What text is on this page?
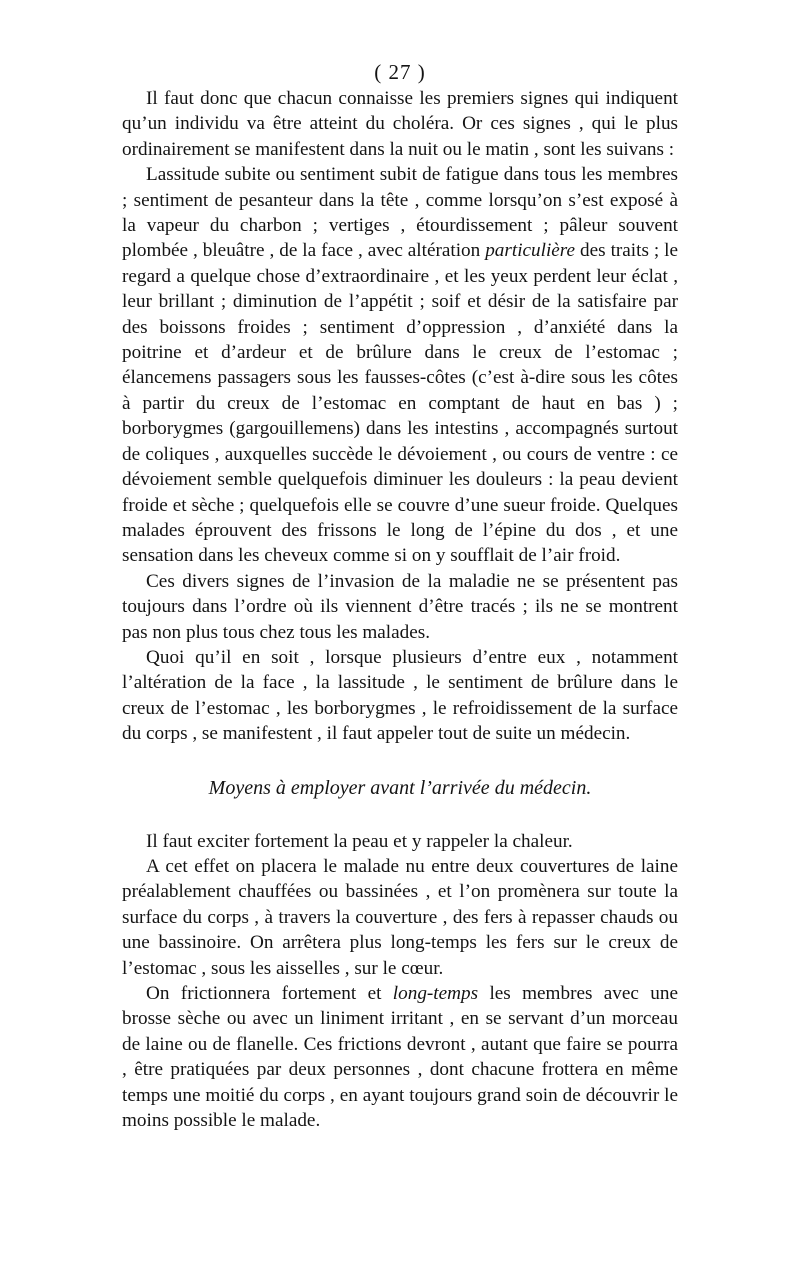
( 27 )

Il faut donc que chacun connaisse les premiers signes qui indiquent qu’un individu va être atteint du choléra. Or ces signes , qui le plus ordinairement se manifestent dans la nuit ou le matin , sont les suivans :

Lassitude subite ou sentiment subit de fatigue dans tous les membres ; sentiment de pesanteur dans la tête , comme lorsqu’on s’est exposé à la vapeur du charbon ; vertiges , étourdissement ; pâleur souvent plombée , bleuâtre , de la face , avec altération particulière des traits ; le regard a quelque chose d’extraordinaire , et les yeux perdent leur éclat , leur brillant ; diminution de l’appétit ; soif et désir de la satisfaire par des boissons froides ; sentiment d’oppression , d’anxiété dans la poitrine et d’ardeur et de brûlure dans le creux de l’estomac ; élancemens passagers sous les fausses-côtes (c’est à-dire sous les côtes à partir du creux de l’estomac en comptant de haut en bas ) ; borborygmes (gargouillemens) dans les intestins , accompagnés surtout de coliques , auxquelles succède le dévoiement , ou cours de ventre : ce dévoiement semble quelquefois diminuer les douleurs : la peau devient froide et sèche ; quelquefois elle se couvre d’une sueur froide. Quelques malades éprouvent des frissons le long de l’épine du dos , et une sensation dans les cheveux comme si on y soufflait de l’air froid.

Ces divers signes de l’invasion de la maladie ne se présentent pas toujours dans l’ordre où ils viennent d’être tracés ; ils ne se montrent pas non plus tous chez tous les malades.

Quoi qu’il en soit , lorsque plusieurs d’entre eux , notamment l’altération de la face , la lassitude , le sentiment de brûlure dans le creux de l’estomac , les borborygmes , le refroidissement de la surface du corps , se manifestent , il faut appeler tout de suite un médecin.

Moyens à employer avant l’arrivée du médecin.

Il faut exciter fortement la peau et y rappeler la chaleur.

A cet effet on placera le malade nu entre deux couvertures de laine préalablement chauffées ou bassinées , et l’on promènera sur toute la surface du corps , à travers la couverture , des fers à repasser chauds ou une bassinoire. On arrêtera plus long-temps les fers sur le creux de l’estomac , sous les aisselles , sur le cœur.

On frictionnera fortement et long-temps les membres avec une brosse sèche ou avec un liniment irritant , en se servant d’un morceau de laine ou de flanelle. Ces frictions devront , autant que faire se pourra , être pratiquées par deux personnes , dont chacune frottera en même temps une moitié du corps , en ayant toujours grand soin de découvrir le moins possible le malade.
